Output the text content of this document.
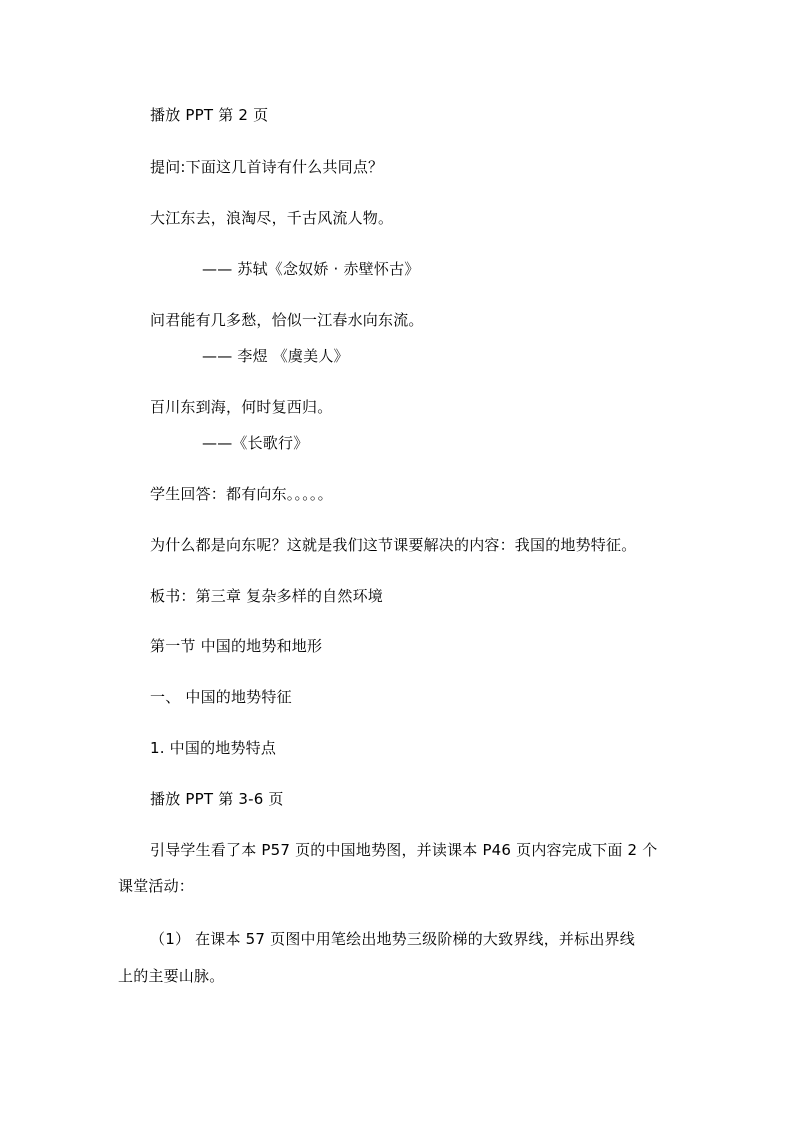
播放 PPT 第 2 页
提问:下面这几首诗有什么共同点？
大江东去，浪淘尽，千古风流人物。
—— 苏轼《念奴娇 · 赤壁怀古》
问君能有几多愁，恰似一江春水向东流。
—— 李煜 《虞美人》
百川东到海，何时复西归。
——《长歌行》
学生回答：都有向东。。。。。
为什么都是向东呢？这就是我们这节课要解决的内容：我国的地势特征。
板书：第三章 复杂多样的自然环境
第一节 中国的地势和地形
一、 中国的地势特征
1. 中国的地势特点
播放 PPT 第 3-6 页
引导学生看了本 P57 页的中国地势图，并读课本 P46 页内容完成下面 2 个
课堂活动：
（1） 在课本 57 页图中用笔绘出地势三级阶梯的大致界线，并标出界线
上的主要山脉。
